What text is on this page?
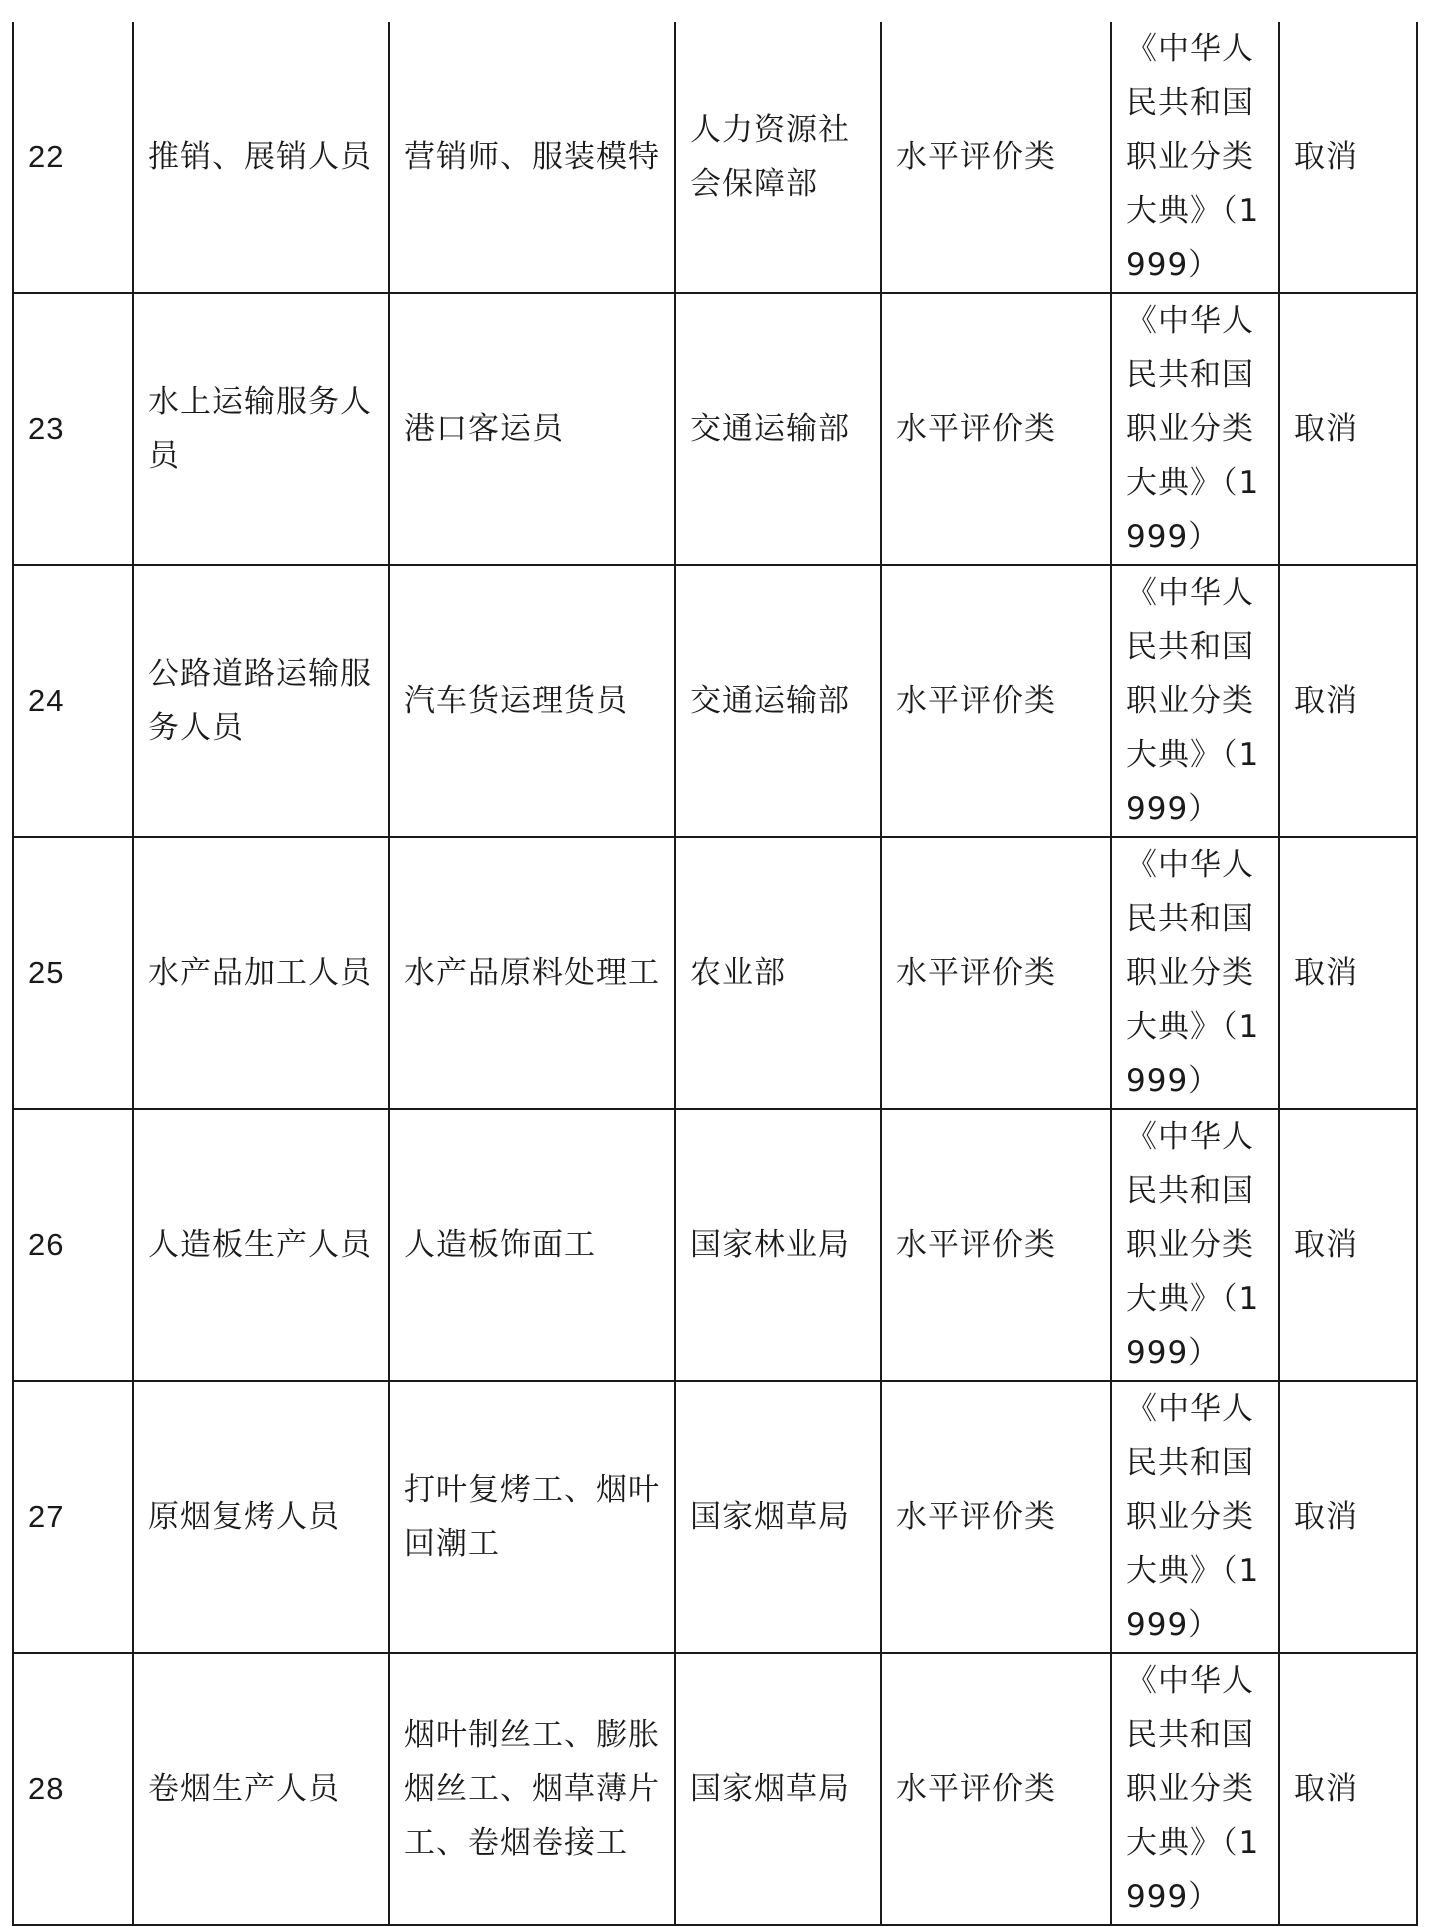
22	推销、展销人员	营销师、服装模特	人力资源社会保障部	水平评价类	《中华人民共和国职业分类大典》（1999）	取消
23	水上运输服务人员	港口客运员	交通运输部	水平评价类	《中华人民共和国职业分类大典》（1999）	取消
24	公路道路运输服务人员	汽车货运理货员	交通运输部	水平评价类	《中华人民共和国职业分类大典》（1999）	取消
25	水产品加工人员	水产品原料处理工	农业部	水平评价类	《中华人民共和国职业分类大典》（1999）	取消
26	人造板生产人员	人造板饰面工	国家林业局	水平评价类	《中华人民共和国职业分类大典》（1999）	取消
27	原烟复烤人员	打叶复烤工、烟叶回潮工	国家烟草局	水平评价类	《中华人民共和国职业分类大典》（1999）	取消
28	卷烟生产人员	烟叶制丝工、膨胀烟丝工、烟草薄片工、卷烟卷接工	国家烟草局	水平评价类	《中华人民共和国职业分类大典》（1999）	取消
